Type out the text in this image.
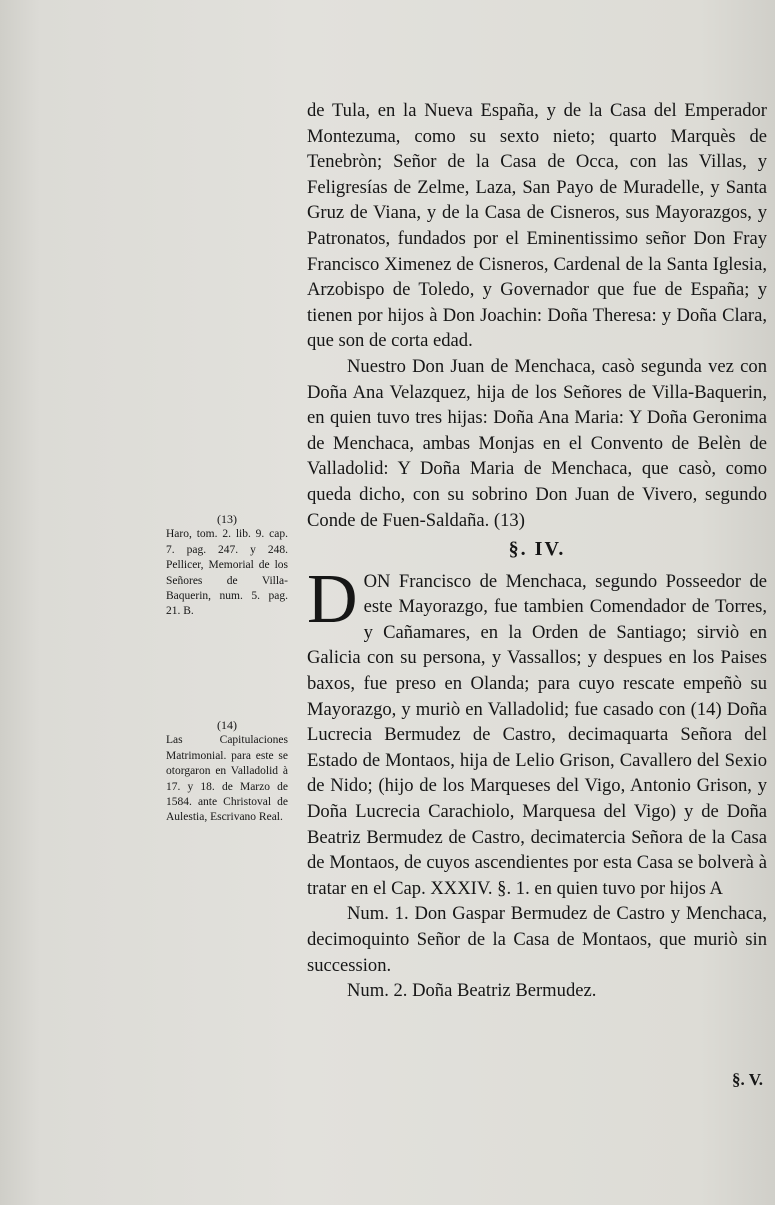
de Tula, en la Nueva España, y de la Casa del Emperador Montezuma, como su sexto nieto; quarto Marquès de Tenebròn; Señor de la Casa de Occa, con las Villas, y Feligresías de Zelme, Laza, San Payo de Muradelle, y Santa Gruz de Viana, y de la Casa de Cisneros, sus Mayorazgos, y Patronatos, fundados por el Eminentissimo señor Don Fray Francisco Ximenez de Cisneros, Cardenal de la Santa Iglesia, Arzobispo de Toledo, y Governador que fue de España; y tienen por hijos à Don Joachin: Doña Theresa: y Doña Clara, que son de corta edad.

Nuestro Don Juan de Menchaca, casò segunda vez con Doña Ana Velazquez, hija de los Señores de Villa-Baquerin, en quien tuvo tres hijas: Doña Ana Maria: Y Doña Geronima de Menchaca, ambas Monjas en el Convento de Belèn de Valladolid: Y Doña Maria de Menchaca, que casò, como queda dicho, con su sobrino Don Juan de Vivero, segundo Conde de Fuen-Saldaña. (13)

§. IV.

DON Francisco de Menchaca, segundo Posseedor de este Mayorazgo, fue tambien Comendador de Torres, y Cañamares, en la Orden de Santiago; sirviò en Galicia con su persona, y Vassallos; y despues en los Paises baxos, fue preso en Olanda; para cuyo rescate empeñò su Mayorazgo, y muriò en Valladolid; fue casado con (14) Doña Lucrecia Bermudez de Castro, decimaquarta Señora del Estado de Montaos, hija de Lelio Grison, Cavallero del Sexio de Nido; (hijo de los Marqueses del Vigo, Antonio Grison, y Doña Lucrecia Carachiolo, Marquesa del Vigo) y de Doña Beatriz Bermudez de Castro, decimatercia Señora de la Casa de Montaos, de cuyos ascendientes por esta Casa se bolverà à tratar en el Cap. XXXIV. §. 1. en quien tuvo por hijos A

Num. 1. Don Gaspar Bermudez de Castro y Menchaca, decimoquinto Señor de la Casa de Montaos, que muriò sin succession.

Num. 2. Doña Beatriz Bermudez.

(13)

Haro, tom. 2. lib. 9. cap. 7. pag. 247. y 248. Pellicer, Memorial de los Señores de Villa-Baquerin, num. 5. pag. 21. B.

(14)

Las Capitulaciones Matrimonial. para este se otorgaron en Valladolid à 17. y 18. de Marzo de 1584. ante Christoval de Aulestia, Escrivano Real.

§. V.
